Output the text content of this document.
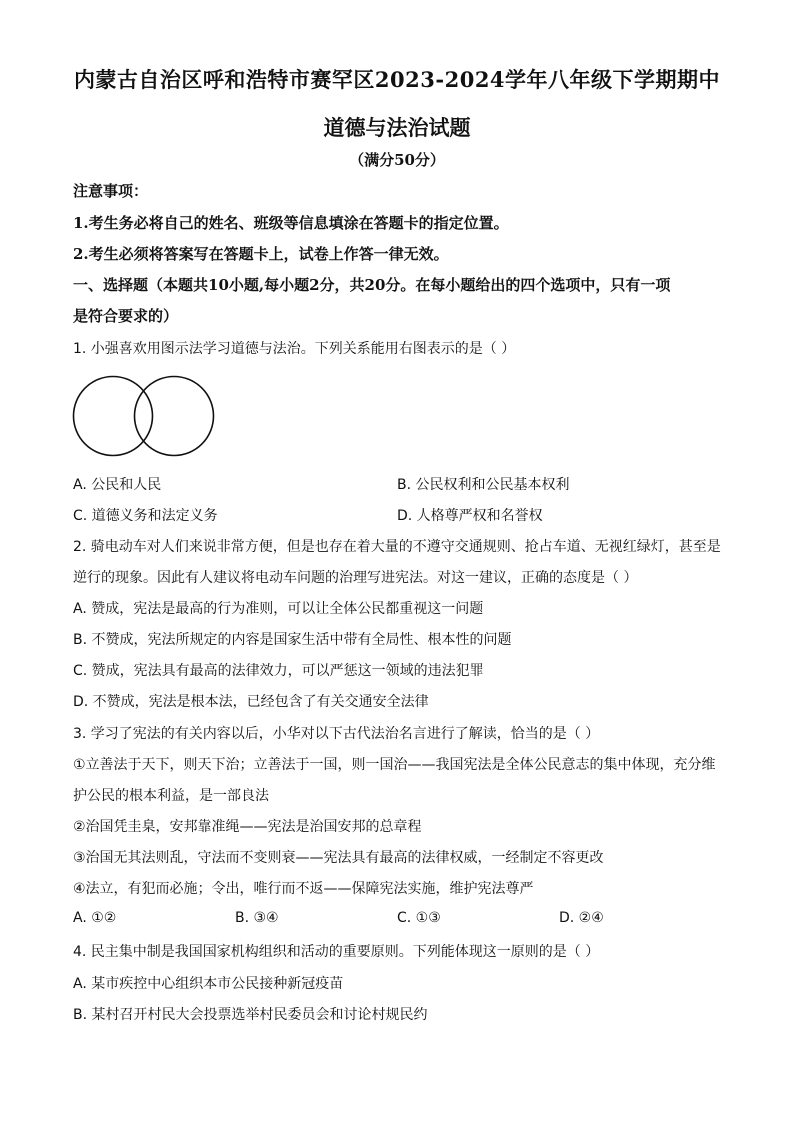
内蒙古自治区呼和浩特市赛罕区2023-2024学年八年级下学期期中
道德与法治试题
（满分50分）
注意事项：
1.考生务必将自己的姓名、班级等信息填涂在答题卡的指定位置。
2.考生必须将答案写在答题卡上，试卷上作答一律无效。
一、选择题（本题共10小题,每小题2分，共20分。在每小题给出的四个选项中，只有一项
是符合要求的）
1. 小强喜欢用图示法学习道德与法治。下列关系能用右图表示的是（ ）
A. 公民和人民	B. 公民权利和公民基本权利
C. 道德义务和法定义务	D. 人格尊严权和名誉权
2. 骑电动车对人们来说非常方便，但是也存在着大量的不遵守交通规则、抢占车道、无视红绿灯，甚至是
逆行的现象。因此有人建议将电动车问题的治理写进宪法。对这一建议，正确的态度是（ ）
A. 赞成，宪法是最高的行为准则，可以让全体公民都重视这一问题
B. 不赞成，宪法所规定的内容是国家生活中带有全局性、根本性的问题
C. 赞成，宪法具有最高的法律效力，可以严惩这一领域的违法犯罪
D. 不赞成，宪法是根本法，已经包含了有关交通安全法律
3. 学习了宪法的有关内容以后，小华对以下古代法治名言进行了解读，恰当的是（ ）
①立善法于天下，则天下治；立善法于一国，则一国治——我国宪法是全体公民意志的集中体现，充分维
护公民的根本利益，是一部良法
②治国凭圭臬，安邦靠准绳——宪法是治国安邦的总章程
③治国无其法则乱，守法而不变则衰——宪法具有最高的法律权威，一经制定不容更改
④法立，有犯而必施；令出，唯行而不返——保障宪法实施，维护宪法尊严
A. ①②	B. ③④	C. ①③	D. ②④
4. 民主集中制是我国国家机构组织和活动的重要原则。下列能体现这一原则的是（ ）
A. 某市疾控中心组织本市公民接种新冠疫苗
B. 某村召开村民大会投票选举村民委员会和讨论村规民约
